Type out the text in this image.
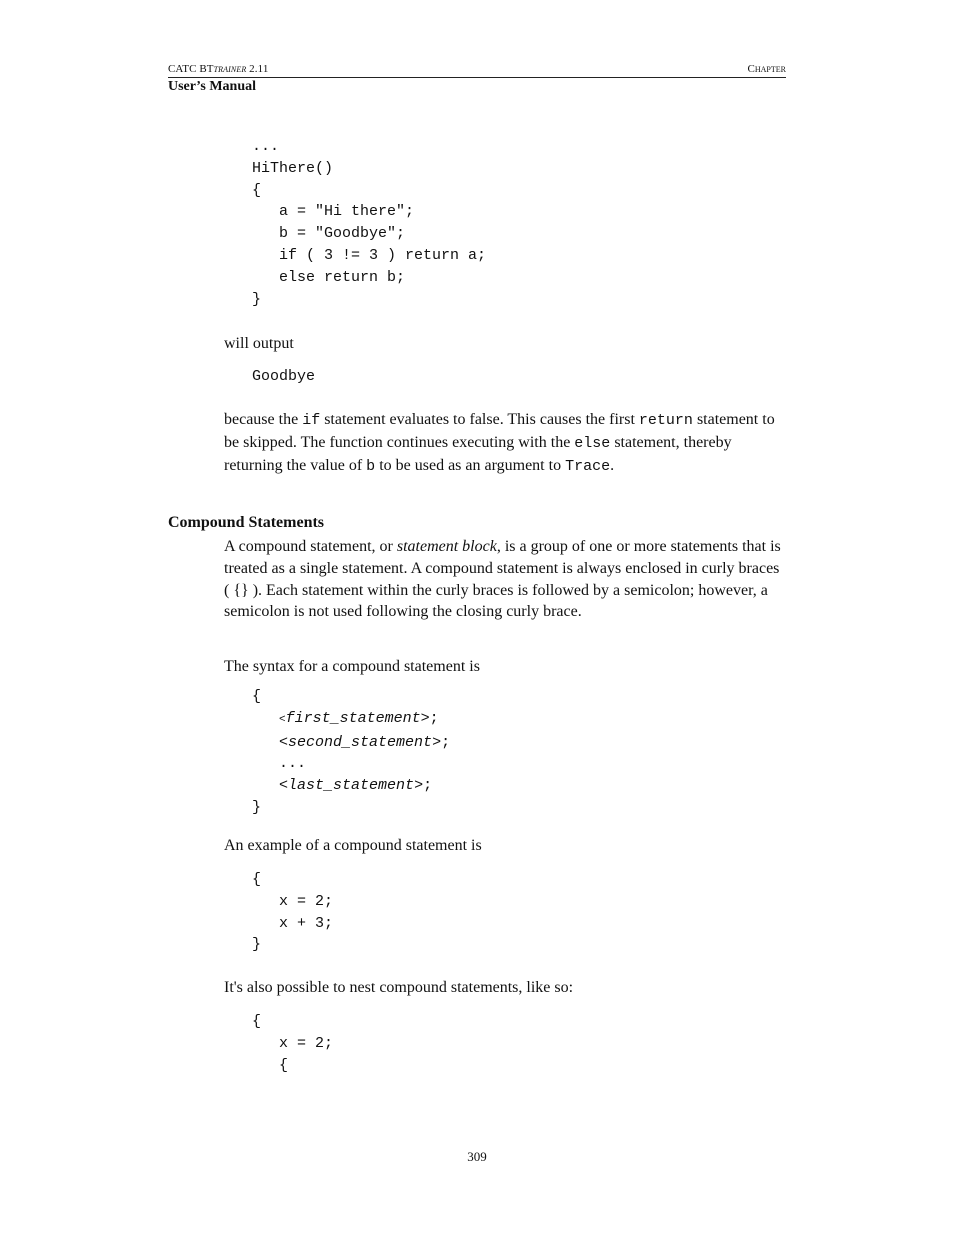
CATC BTTRAINER 2.11	CHAPTER
User’s Manual
...
HiThere()
{
a = "Hi there";
b = "Goodbye";
if ( 3 != 3 ) return a;
else return b;
}
will output
Goodbye
because the if statement evaluates to false. This causes the first return statement to be skipped. The function continues executing with the else statement, thereby returning the value of b to be used as an argument to Trace.
Compound Statements
A compound statement, or statement block, is a group of one or more statements that is treated as a single statement. A compound statement is always enclosed in curly braces ( {} ). Each statement within the curly braces is followed by a semicolon; however, a semicolon is not used following the closing curly brace.
The syntax for a compound statement is
{
<first_statement>;
<second_statement>;
...
<last_statement>;
}
An example of a compound statement is
{
x = 2;
x + 3;
}
It's also possible to nest compound statements, like so:
{
x = 2;
{
309
